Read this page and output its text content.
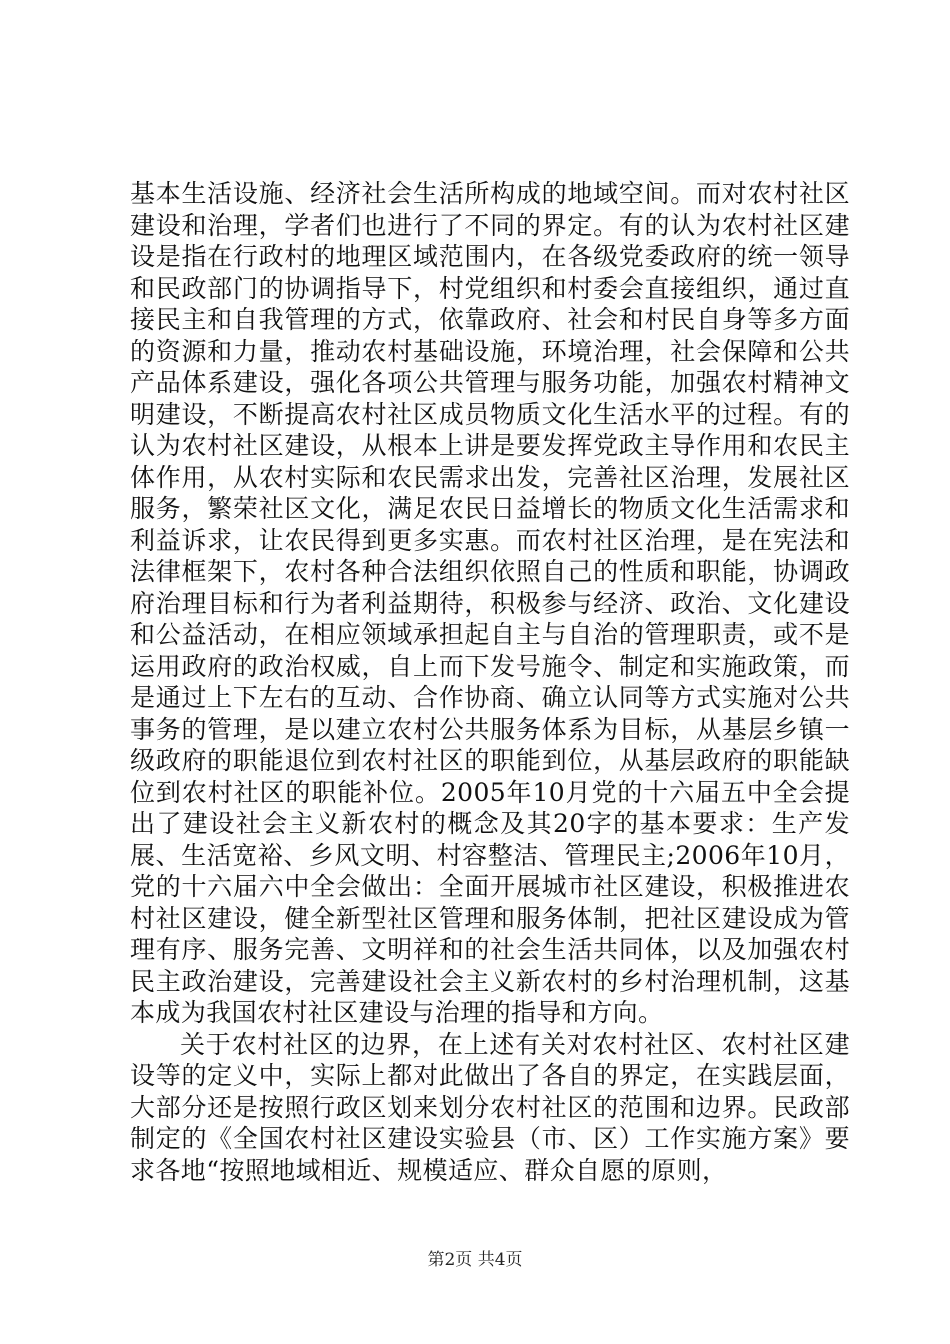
基本生活设施、经济社会生活所构成的地域空间。而对农村社区建设和治理，学者们也进行了不同的界定。有的认为农村社区建设是指在行政村的地理区域范围内，在各级党委政府的统一领导和民政部门的协调指导下，村党组织和村委会直接组织，通过直接民主和自我管理的方式，依靠政府、社会和村民自身等多方面的资源和力量，推动农村基础设施，环境治理，社会保障和公共产品体系建设，强化各项公共管理与服务功能，加强农村精神文明建设，不断提高农村社区成员物质文化生活水平的过程。有的认为农村社区建设，从根本上讲是要发挥党政主导作用和农民主体作用，从农村实际和农民需求出发，完善社区治理，发展社区服务，繁荣社区文化，满足农民日益增长的物质文化生活需求和利益诉求，让农民得到更多实惠。而农村社区治理，是在宪法和法律框架下，农村各种合法组织依照自己的性质和职能，协调政府治理目标和行为者利益期待，积极参与经济、政治、文化建设和公益活动，在相应领域承担起自主与自治的管理职责，或不是运用政府的政治权威，自上而下发号施令、制定和实施政策，而是通过上下左右的互动、合作协商、确立认同等方式实施对公共事务的管理，是以建立农村公共服务体系为目标，从基层乡镇一级政府的职能退位到农村社区的职能到位，从基层政府的职能缺位到农村社区的职能补位。2005年10月党的十六届五中全会提出了建设社会主义新农村的概念及其20字的基本要求：生产发展、生活宽裕、乡风文明、村容整洁、管理民主;2006年10月，党的十六届六中全会做出：全面开展城市社区建设，积极推进农村社区建设，健全新型社区管理和服务体制，把社区建设成为管理有序、服务完善、文明祥和的社会生活共同体，以及加强农村民主政治建设，完善建设社会主义新农村的乡村治理机制，这基本成为我国农村社区建设与治理的指导和方向。

关于农村社区的边界，在上述有关对农村社区、农村社区建设等的定义中，实际上都对此做出了各自的界定，在实践层面，大部分还是按照行政区划来划分农村社区的范围和边界。民政部制定的《全国农村社区建设实验县（市、区）工作实施方案》要求各地“按照地域相近、规模适应、群众自愿的原则，

第2页 共4页
